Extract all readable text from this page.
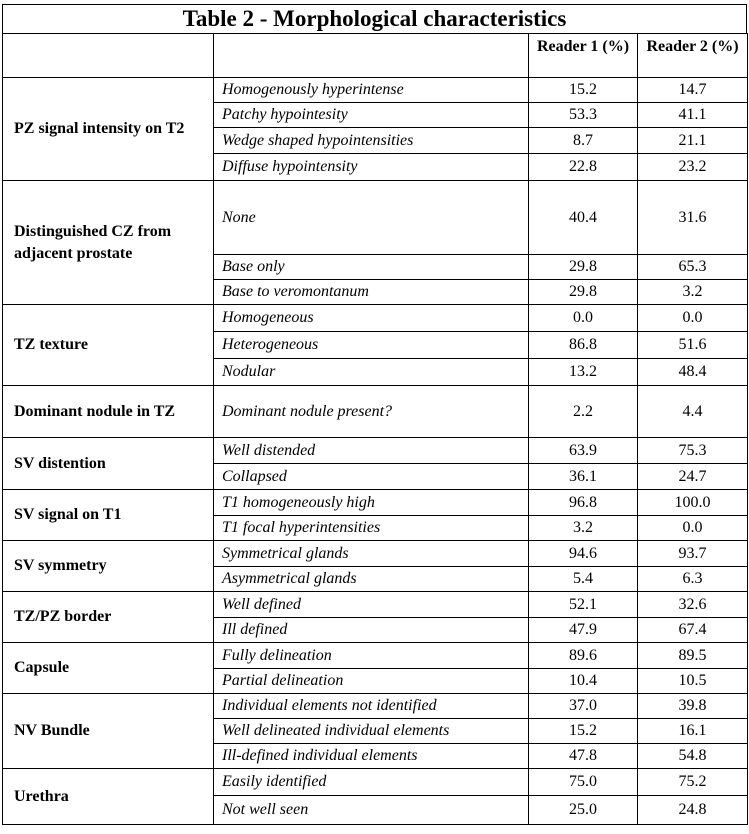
Table 2 - Morphological characteristics
		Reader 1 (%)	Reader 2 (%)
PZ signal intensity on T2	Homogenously hyperintense	15.2	14.7
	Patchy hypointesity	53.3	41.1
	Wedge shaped hypointensities	8.7	21.1
	Diffuse hypointensity	22.8	23.2
Distinguished CZ from adjacent prostate	None	40.4	31.6
	Base only	29.8	65.3
	Base to veromontanum	29.8	3.2
TZ texture	Homogeneous	0.0	0.0
	Heterogeneous	86.8	51.6
	Nodular	13.2	48.4
Dominant nodule in TZ	Dominant nodule present?	2.2	4.4
SV distention	Well distended	63.9	75.3
	Collapsed	36.1	24.7
SV signal on T1	T1 homogeneously high	96.8	100.0
	T1 focal hyperintensities	3.2	0.0
SV symmetry	Symmetrical glands	94.6	93.7
	Asymmetrical glands	5.4	6.3
TZ/PZ border	Well defined	52.1	32.6
	Ill defined	47.9	67.4
Capsule	Fully delineation	89.6	89.5
	Partial delineation	10.4	10.5
NV Bundle	Individual elements not identified	37.0	39.8
	Well delineated individual elements	15.2	16.1
	Ill-defined individual elements	47.8	54.8
Urethra	Easily identified	75.0	75.2
	Not well seen	25.0	24.8
